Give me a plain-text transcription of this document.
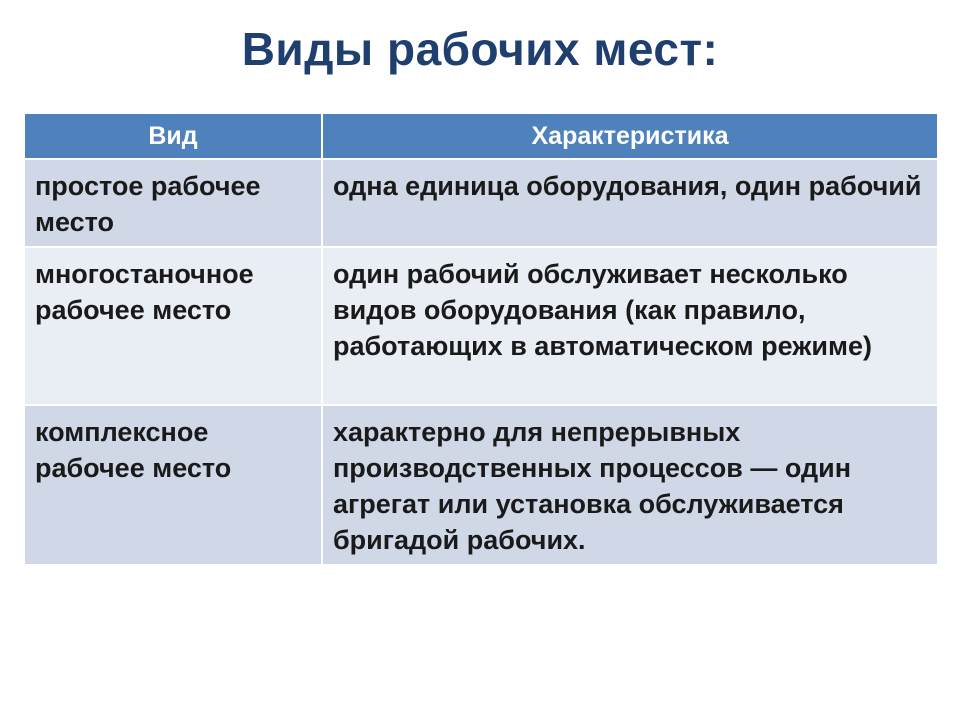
Виды рабочих мест:
Вид	Характеристика
простое рабочее место	одна единица оборудования, один рабочий
многостаночное рабочее место	один рабочий обслуживает несколько видов оборудования (как правило, работающих в автоматическом режиме)
комплексное рабочее место	характерно для непрерывных производственных процессов — один агрегат или установка обслуживается бригадой рабочих.
